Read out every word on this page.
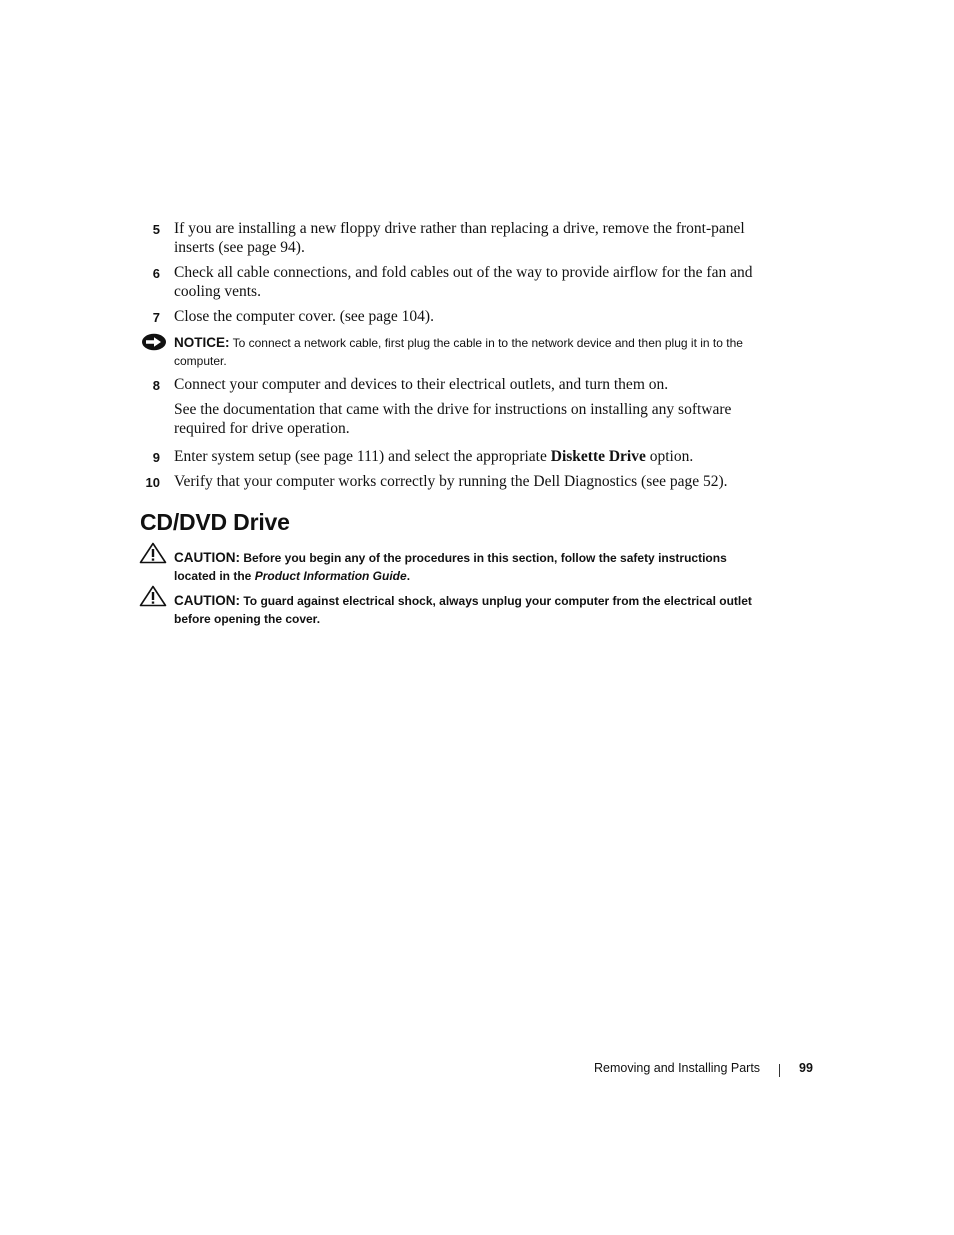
5 If you are installing a new floppy drive rather than replacing a drive, remove the front-panel inserts (see page 94).
6 Check all cable connections, and fold cables out of the way to provide airflow for the fan and cooling vents.
7 Close the computer cover. (see page 104).
NOTICE: To connect a network cable, first plug the cable in to the network device and then plug it in to the computer.
8 Connect your computer and devices to their electrical outlets, and turn them on.
See the documentation that came with the drive for instructions on installing any software required for drive operation.
9 Enter system setup (see page 111) and select the appropriate Diskette Drive option.
10 Verify that your computer works correctly by running the Dell Diagnostics (see page 52).
CD/DVD Drive
CAUTION: Before you begin any of the procedures in this section, follow the safety instructions located in the Product Information Guide.
CAUTION: To guard against electrical shock, always unplug your computer from the electrical outlet before opening the cover.
Removing and Installing Parts	99
